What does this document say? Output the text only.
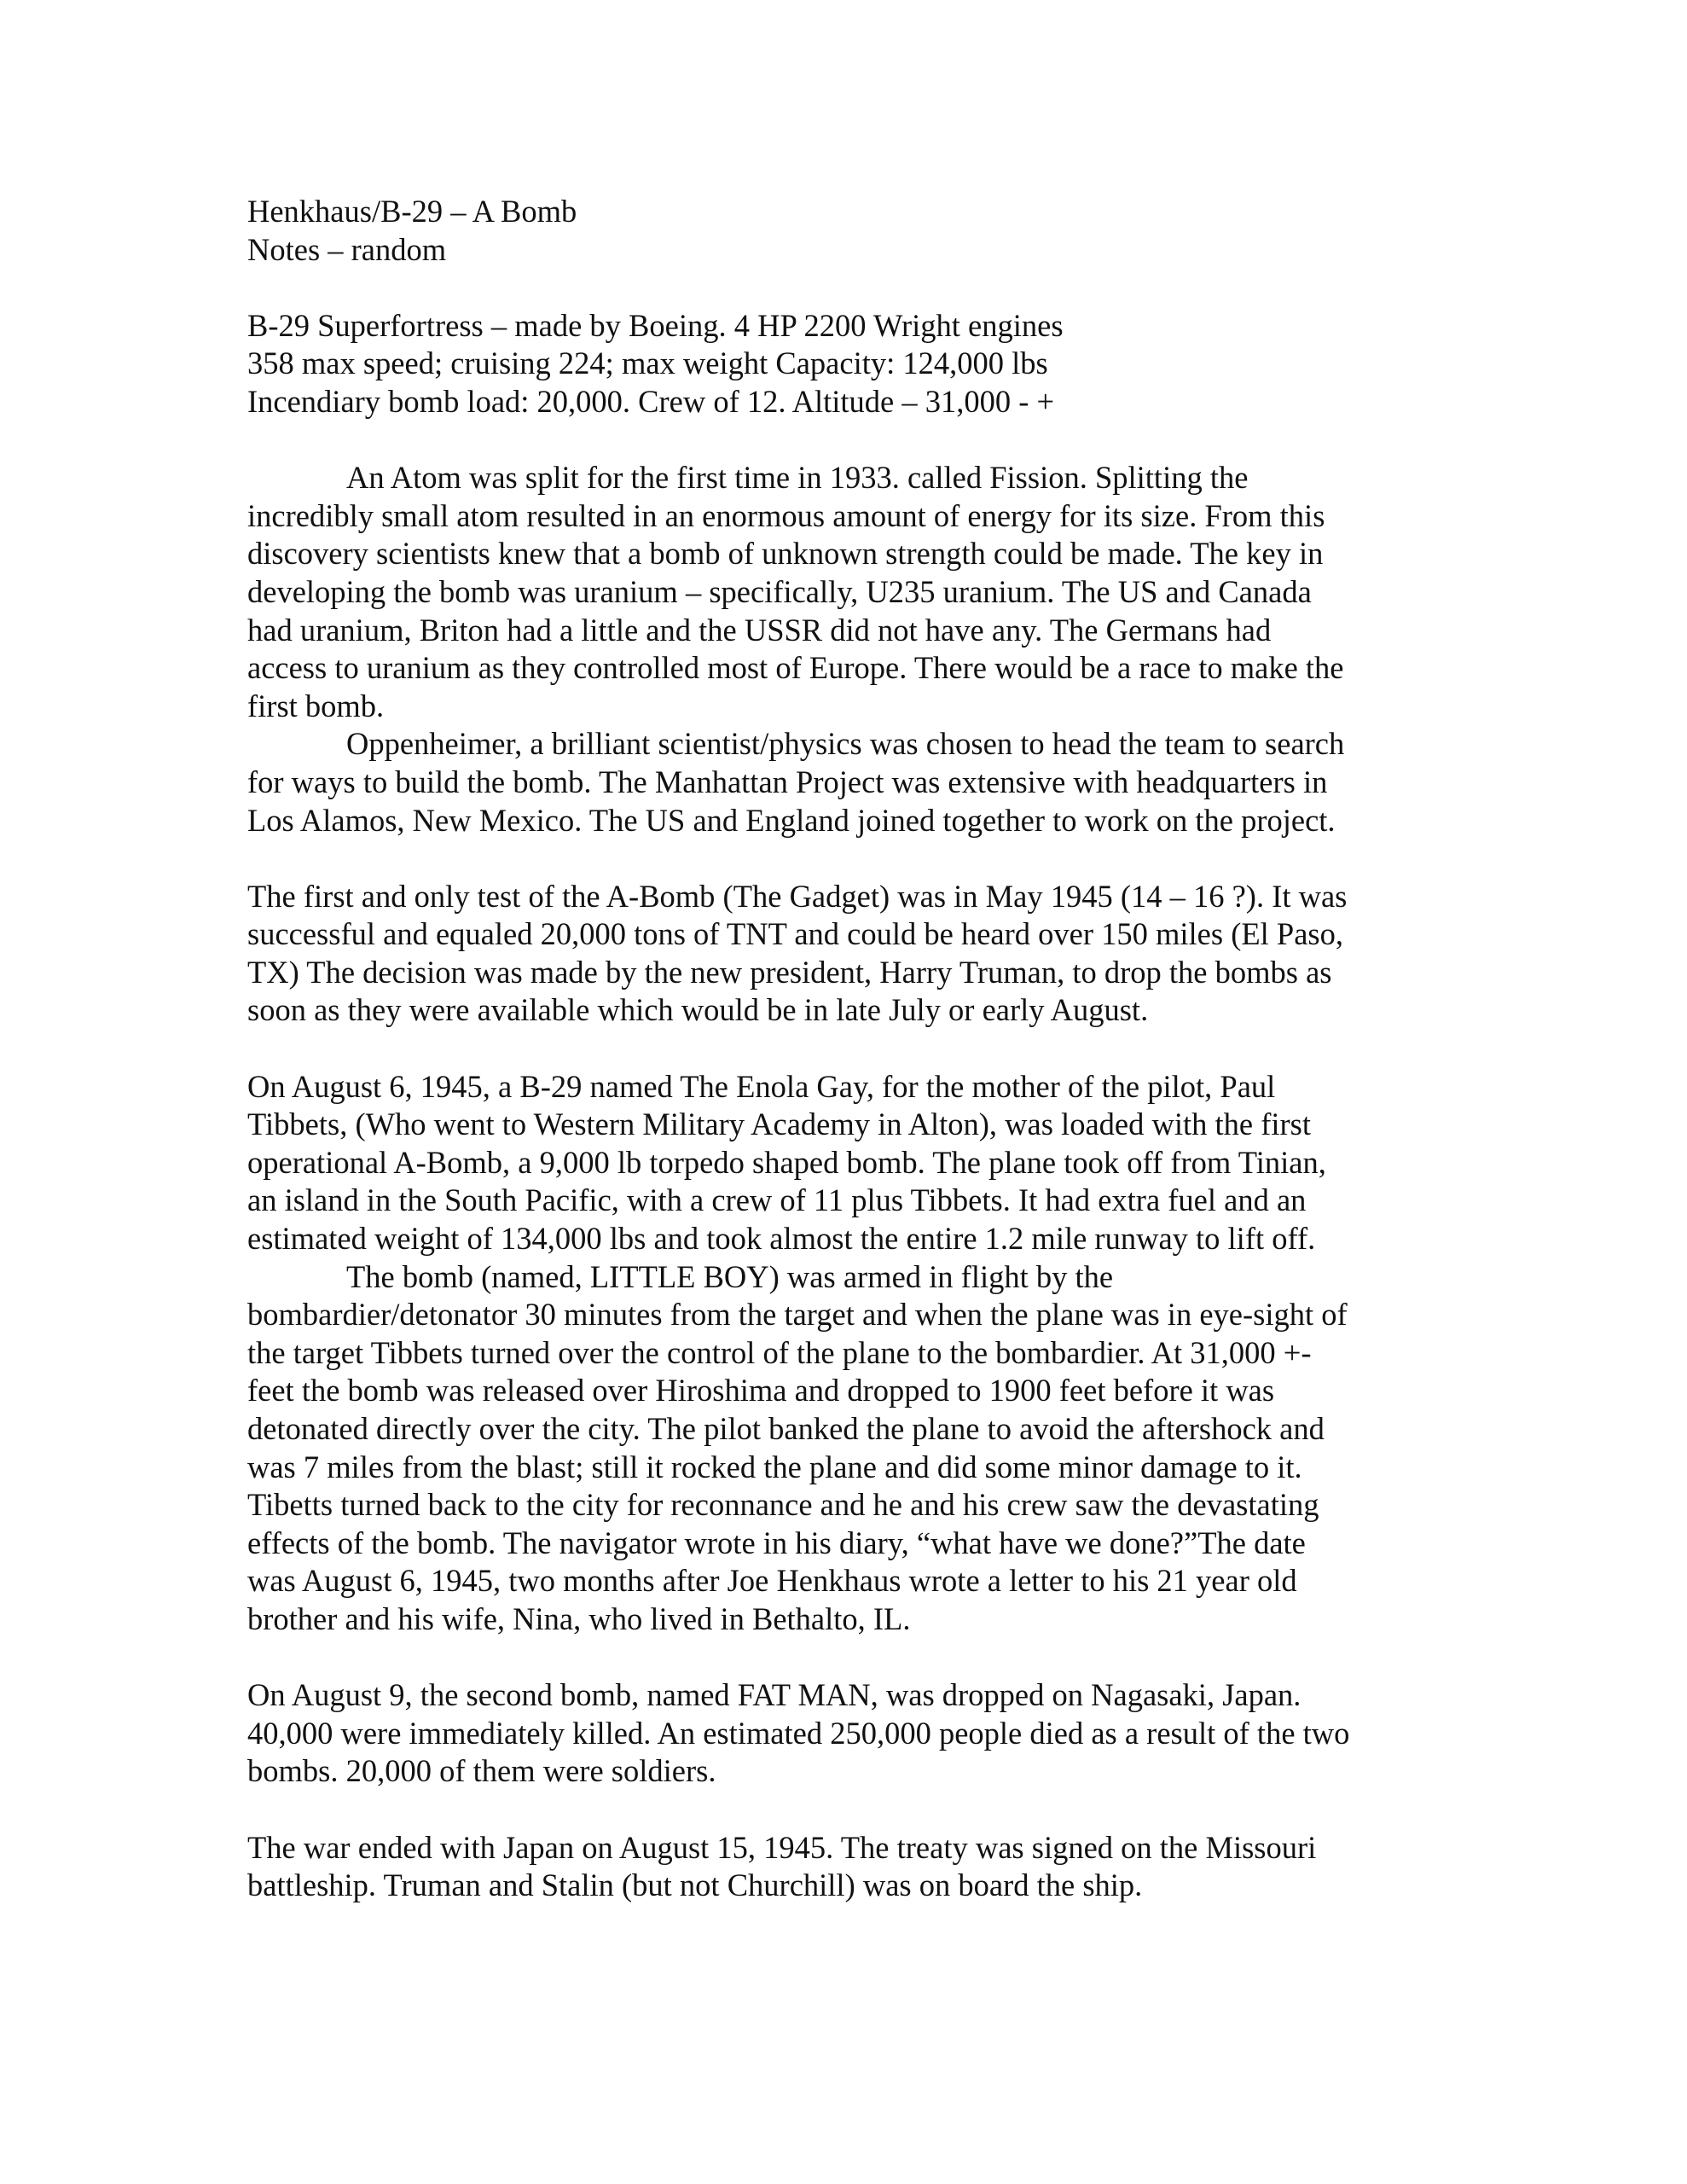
Henkhaus/B-29 – A Bomb
Notes – random
B-29 Superfortress – made by Boeing. 4 HP 2200 Wright engines
358 max speed; cruising 224; max weight Capacity: 124,000 lbs
Incendiary bomb load: 20,000. Crew of 12. Altitude – 31,000 - +
An Atom was split for the first time in 1933. called Fission. Splitting the
incredibly small atom resulted in an enormous amount of energy for its size. From this
discovery scientists knew that a bomb of unknown strength could be made. The key in
developing the bomb was uranium – specifically, U235 uranium. The US and Canada
had uranium, Briton had a little and the USSR did not have any. The Germans had
access to uranium as they controlled most of Europe. There would be a race to make the
first bomb.
Oppenheimer, a brilliant scientist/physics was chosen to head the team to search
for ways to build the bomb. The Manhattan Project was extensive with headquarters in
Los Alamos, New Mexico. The US and England joined together to work on the project.
The first and only test of the A-Bomb (The Gadget) was in May 1945 (14 – 16 ?). It was
successful and equaled 20,000 tons of TNT and could be heard over 150 miles (El Paso,
TX) The decision was made by the new president, Harry Truman, to drop the bombs as
soon as they were available which would be in late July or early August.
On August 6, 1945, a B-29 named The Enola Gay, for the mother of the pilot, Paul
Tibbets, (Who went to Western Military Academy in Alton), was loaded with the first
operational A-Bomb, a 9,000 lb torpedo shaped bomb. The plane took off from Tinian,
an island in the South Pacific, with a crew of 11 plus Tibbets. It had extra fuel and an
estimated weight of 134,000 lbs and took almost the entire 1.2 mile runway to lift off.
The bomb (named, LITTLE BOY) was armed in flight by the
bombardier/detonator 30 minutes from the target and when the plane was in eye-sight of
the target Tibbets turned over the control of the plane to the bombardier. At 31,000 +-
feet the bomb was released over Hiroshima and dropped to 1900 feet before it was
detonated directly over the city. The pilot banked the plane to avoid the aftershock and
was 7 miles from the blast; still it rocked the plane and did some minor damage to it.
Tibetts turned back to the city for reconnance and he and his crew saw the devastating
effects of the bomb. The navigator wrote in his diary, “what have we done?”The date
was August 6, 1945, two months after Joe Henkhaus wrote a letter to his 21 year old
brother and his wife, Nina, who lived in Bethalto, IL.
On August 9, the second bomb, named FAT MAN, was dropped on Nagasaki, Japan.
40,000 were immediately killed. An estimated 250,000 people died as a result of the two
bombs. 20,000 of them were soldiers.
The war ended with Japan on August 15, 1945. The treaty was signed on the Missouri
battleship. Truman and Stalin (but not Churchill) was on board the ship.
